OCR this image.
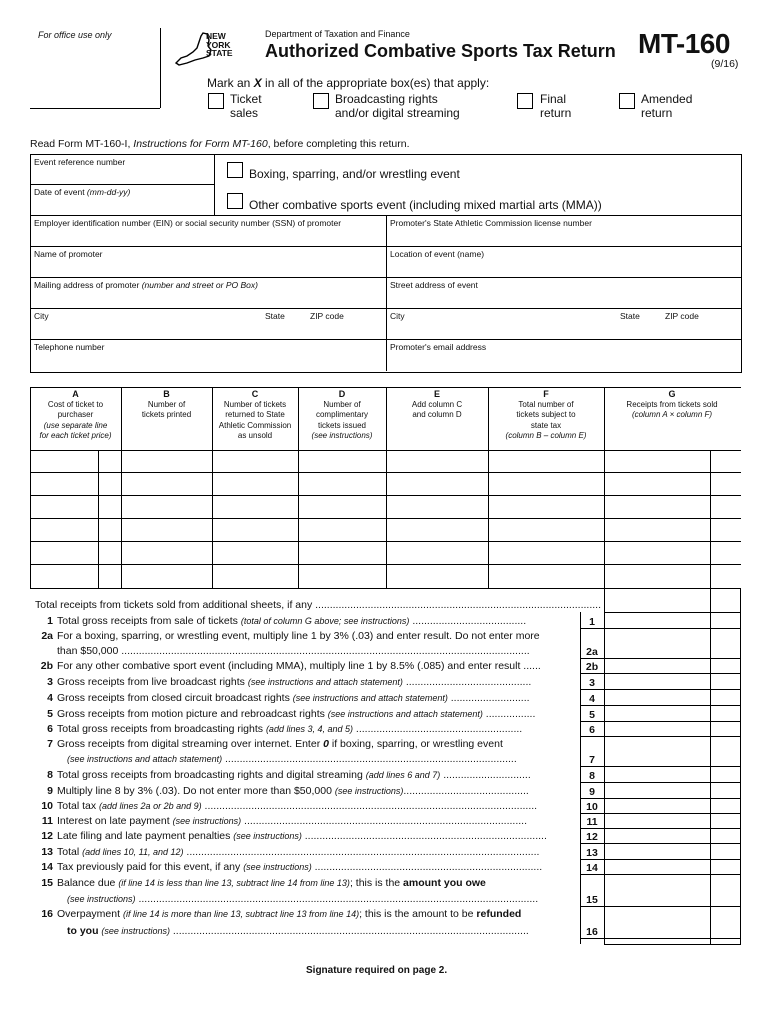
For office use only	NEW
YORK
STATE
Department of Taxation and Finance
Authorized Combative Sports Tax Return MT-160
(9/16)
Mark an X in all of the appropriate box(es) that apply:
Ticket
sales
Broadcasting rights
and/or digital streaming
Final
return
Amended
return
Read Form MT-160-I, Instructions for Form MT-160, before completing this return.
Event reference number
Date of event (mm-dd-yy)
Boxing, sparring, and/or wrestling event
Other combative sports event (including mixed martial arts (MMA))
Employer identification number (EIN) or social security number (SSN) of promoter	Promoter's State Athletic Commission license number
Name of promoter	Location of event (name)
Mailing address of promoter (number and street or PO Box)	Street address of event
City	State	ZIP code	City	State	ZIP code
Telephone number	Promoter's email address
A
Cost of ticket to
purchaser
(use separate line
for each ticket price)
B
Number of
tickets printed
C
Number of tickets
returned to State
Athletic Commission
as unsold
D
Number of
complimentary
tickets issued
(see instructions)
E
Add column C
and column D
F
Total number of
tickets subject to
state tax
(column B – column E)
G
Receipts from tickets sold
(column A × column F)
Total receipts from tickets sold from additional sheets, if any ..................................................................................................
1 Total gross receipts from sale of tickets (total of column G above; see instructions) .......................................	1
2a For a boxing, sparring, or wrestling event, multiply line 1 by 3% (.03) and enter result. Do not enter more
than $50,000 ............................................................................................................................................	2a
2b For any other combative sport event (including MMA), multiply line 1 by 8.5% (.085) and enter result ......	2b
3 Gross receipts from live broadcast rights (see instructions and attach statement) ...........................................	3
4 Gross receipts from closed circuit broadcast rights (see instructions and attach statement) ...........................	4
5 Gross receipts from motion picture and rebroadcast rights (see instructions and attach statement) .................	5
6 Total gross receipts from broadcasting rights (add lines 3, 4, and 5) .........................................................	6
7 Gross receipts from digital streaming over internet. Enter 0 if boxing, sparring, or wrestling event
(see instructions and attach statement) ....................................................................................................	7
8 Total gross receipts from broadcasting rights and digital streaming (add lines 6 and 7) ..............................	8
9 Multiply line 8 by 3% (.03). Do not enter more than $50,000 (see instructions)...........................................	9
10 Total tax (add lines 2a or 2b and 9) ..................................................................................................................	10
11 Interest on late payment (see instructions) .................................................................................................	11
12 Late filing and late payment penalties (see instructions) ...................................................................................	12
13 Total (add lines 10, 11, and 12) .........................................................................................................................	13
14 Tax previously paid for this event, if any (see instructions) ..............................................................................	14
15 Balance due (if line 14 is less than line 13, subtract line 14 from line 13); this is the amount you owe
(see instructions) .........................................................................................................................................	15
16 Overpayment (if line 14 is more than line 13, subtract line 13 from line 14); this is the amount to be refunded
to you (see instructions) ..........................................................................................................................	16
Signature required on page 2.
